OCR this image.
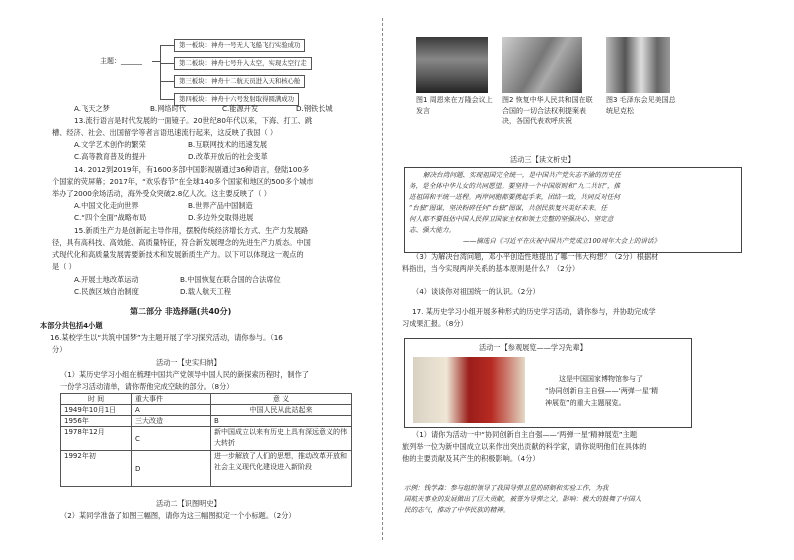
主题：______
第一板块：神舟一号无人飞船飞行实验成功
第二板块：神舟七号升入太空，实现太空行走
第三板块：神舟十二航天员进入天和核心舱
第四板块：神舟十六号发射取得圆满成功
A.飞天之梦	B.网络时代	C.能源开发	D.钢铁长城
13.流行语言是时代发展的一面镜子。20世纪80年代以来，下海、打工、跳
槽、经济、社会、出国留学等者言语迅速流行起来，这反映了我国（ ）
A.文学艺术创作的繁荣	B.互联网技术的迅速发展
C.高等教育普及的提升	D.改革开放后的社会变革
14. 2012到2019年，有1600多部中国影视剧通过36种语言，登陆100多
个国家的荧屏幕；2017年，“欢乐春节”在全球140多个国家和地区的500多个城市
举办了2000余场活动，海外受众突破2.8亿人次。这主要反映了（ ）
A.中国文化走向世界	B.世界产品中国制造
C.“四个全面”战略布局	D.多边外交取得进展
15.新质生产力是创新起主导作用，摆脱传统经济增长方式、生产力发展路
径，具有高科技、高效能、高质量特征，符合新发展理念的先进生产力质态。中国
式现代化和高质量发展需要新技术和发展新质生产力。以下可以体现这一观点的
是（ ）
A.开展土地改革运动	B.中国恢复在联合国的合法席位
C.民族区域自治制度	D.载人航天工程
第二部分 非选择题(共40分)
本部分共包括4小题
16.某校学生以“共筑中国梦”为主题开展了学习探究活动，请你参与。（16
分）
活动一【史实归纳】
（1）某历史学习小组在梳理中国共产党领导中国人民的新探索历程时，制作了
一份学习活动清单，请你帮他完成空缺的部分。（8分）
时 间	重大事件	意 义
1949年10月1日	A	中国人民从此站起来
1956年	三大改造	B
1978年12月	C	新中国成立以来有历史上具有深远意义的伟大转折
1992年初	D	进一步解放了人们的思想，推动改革开放和社会主义现代化建设进入新阶段
活动二【识图明史】
（2）某同学准备了如图三幅图，请你为这三幅图拟定一个小标题。（2分）
图1 周恩来在万隆会议上发言
图2 恢复中华人民共和国在联合国的一切合法权利提案表决，各国代表欢呼庆祝
图3 毛泽东会见美国总统尼克松
活动三【读文析史】
解决台湾问题、实现祖国完全统一，是中国共产党矢志不渝的历史任
务，是全体中华儿女的共同愿望。要坚持一个中国原则和“九二共识”，推
进祖国和平统一进程。两岸同胞都要携起手来，团结一致，共同反对任何
“台独”图谋，坚决粉碎任何“台独”图谋，共创民族复兴美好未来。任
何人都不要低估中国人民捍卫国家主权和领土完整的坚强决心、坚定意
志、强大能力。
——摘选自《习近平在庆祝中国共产党成立100周年大会上的讲话》
（3）为解决台湾问题，邓小平创造性地提出了哪一伟大构想？（2分）根据材
料指出，当今实现两岸关系的基本原则是什么？（2分）
（4）谈谈你对祖国统一的认识。（2分）
17. 某历史学习小组开展多种形式的历史学习活动，请你参与，并协助完成学
习成果汇报。（8分）
活动一【参观展览——学习先辈】
这是中国国家博物馆参与了
“协同创新自主自强——‘两弹一星’精
神展览”的重大主题展览。
（1）请你为活动一中“协同创新自主自强——‘两弹一星’精神展览”主题
旅列举一位为新中国成立以来作出突出贡献的科学家，请你说明他们在具体的
他的主要贡献及其产生的积极影响。（4分）
示例：钱学森：参与组织领导了我国导弹卫星的研制和实验工作，为我
国航天事业的发展做出了巨大贡献，被誉为导弹之父。影响：极大的鼓舞了中国人
民的志气，推动了中华民族的精神。
